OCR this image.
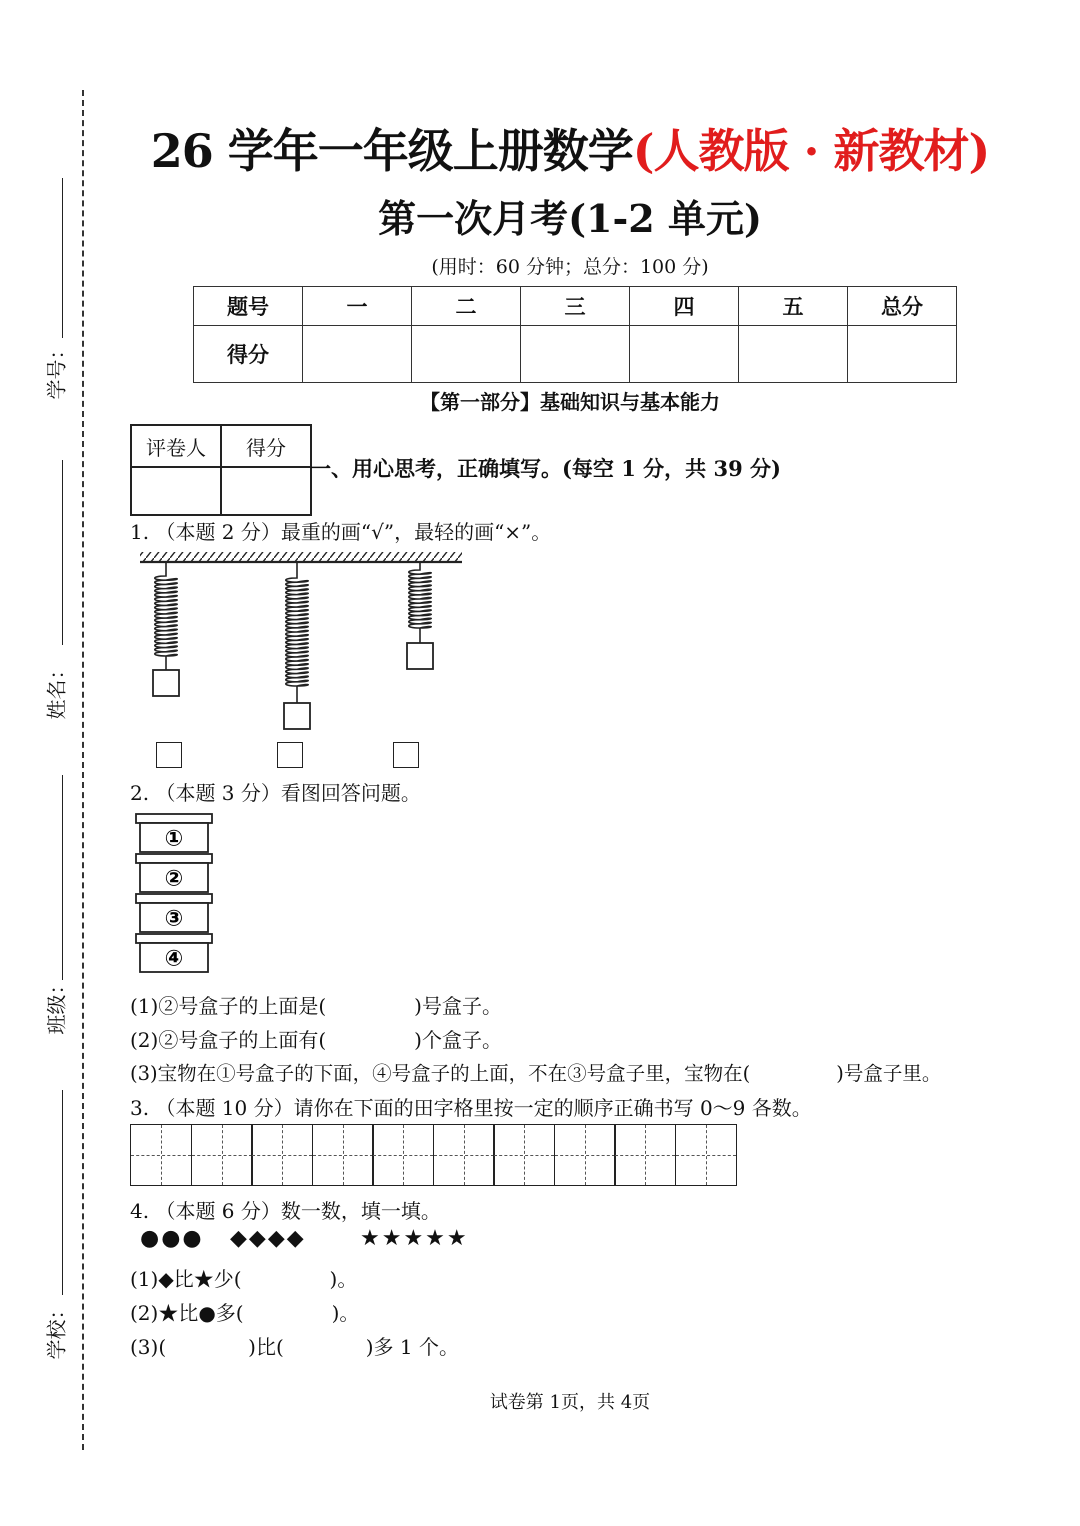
学号：
姓名：
班级：
学校：
26 学年一年级上册数学(人教版 · 新教材)
第一次月考(1-2 单元)
(用时：60 分钟；总分：100 分)
题号	一	二	三	四	五	总分
得分						
【第一部分】基础知识与基本能力
评卷人	得分

一、用心思考，正确填写。(每空 1 分，共 39 分)
1. （本题 2 分）最重的画“√”，最轻的画“×”。
2. （本题 3 分）看图回答问题。
①
②
③
④
(1)②号盒子的上面是(	)号盒子。
(2)②号盒子的上面有(	)个盒子。
(3)宝物在①号盒子的下面，④号盒子的上面，不在③号盒子里，宝物在(	)号盒子里。
3. （本题 10 分）请你在下面的田字格里按一定的顺序正确书写 0～9 各数。
4. （本题 6 分）数一数，填一填。
●●● ◆◆◆◆ ★★★★★
(1)◆比★少(	)。
(2)★比●多(	)。
(3)(	)比(	)多 1 个。
试卷第 1页，共 4页
